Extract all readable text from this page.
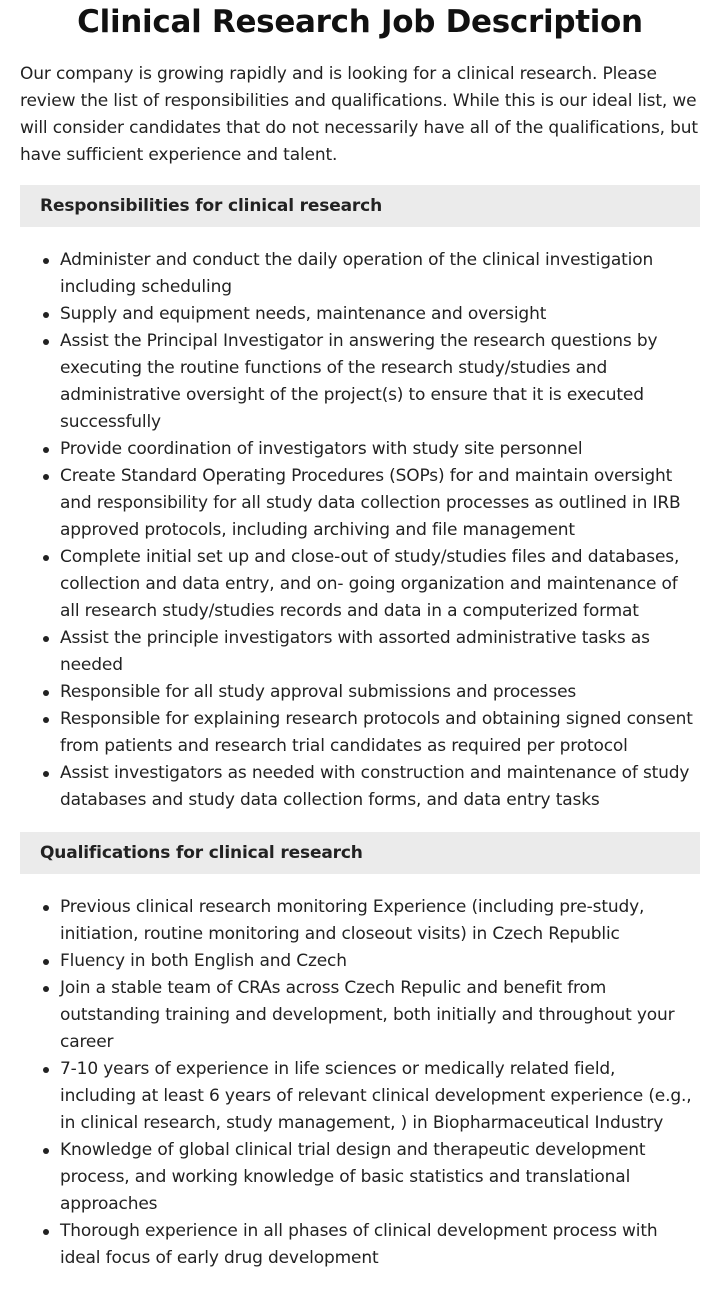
Clinical Research Job Description

Our company is growing rapidly and is looking for a clinical research. Please review the list of responsibilities and qualifications. While this is our ideal list, we will consider candidates that do not necessarily have all of the qualifications, but have sufficient experience and talent.

Responsibilities for clinical research
Administer and conduct the daily operation of the clinical investigation including scheduling
Supply and equipment needs, maintenance and oversight
Assist the Principal Investigator in answering the research questions by executing the routine functions of the research study/studies and administrative oversight of the project(s) to ensure that it is executed successfully
Provide coordination of investigators with study site personnel
Create Standard Operating Procedures (SOPs) for and maintain oversight and responsibility for all study data collection processes as outlined in IRB approved protocols, including archiving and file management
Complete initial set up and close-out of study/studies files and databases, collection and data entry, and on- going organization and maintenance of all research study/studies records and data in a computerized format
Assist the principle investigators with assorted administrative tasks as needed
Responsible for all study approval submissions and processes
Responsible for explaining research protocols and obtaining signed consent from patients and research trial candidates as required per protocol
Assist investigators as needed with construction and maintenance of study databases and study data collection forms, and data entry tasks
Qualifications for clinical research
Previous clinical research monitoring Experience (including pre-study, initiation, routine monitoring and closeout visits) in Czech Republic
Fluency in both English and Czech
Join a stable team of CRAs across Czech Repulic and benefit from outstanding training and development, both initially and throughout your career
7-10 years of experience in life sciences or medically related field, including at least 6 years of relevant clinical development experience (e.g., in clinical research, study management, ) in Biopharmaceutical Industry
Knowledge of global clinical trial design and therapeutic development process, and working knowledge of basic statistics and translational approaches
Thorough experience in all phases of clinical development process with ideal focus of early drug development
